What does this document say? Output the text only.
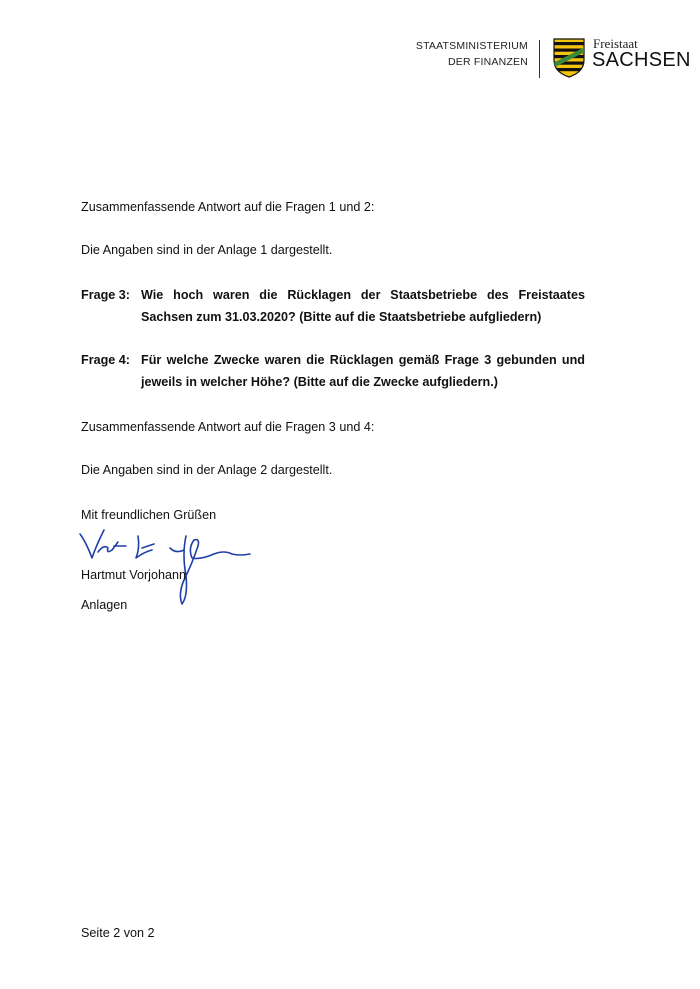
STAATSMINISTERIUM
DER FINANZEN
Freistaat
SACHSEN

Zusammenfassende Antwort auf die Fragen 1 und 2:

Die Angaben sind in der Anlage 1 dargestellt.

Frage 3: Wie hoch waren die Rücklagen der Staatsbetriebe des Freistaates Sachsen zum 31.03.2020? (Bitte auf die Staatsbetriebe aufgliedern)
Frage 4: Für welche Zwecke waren die Rücklagen gemäß Frage 3 gebunden und jeweils in welcher Höhe? (Bitte auf die Zwecke aufgliedern.)

Zusammenfassende Antwort auf die Fragen 3 und 4:

Die Angaben sind in der Anlage 2 dargestellt.

Mit freundlichen Grüßen

Hartmut Vorjohann

Anlagen

Seite 2 von 2
